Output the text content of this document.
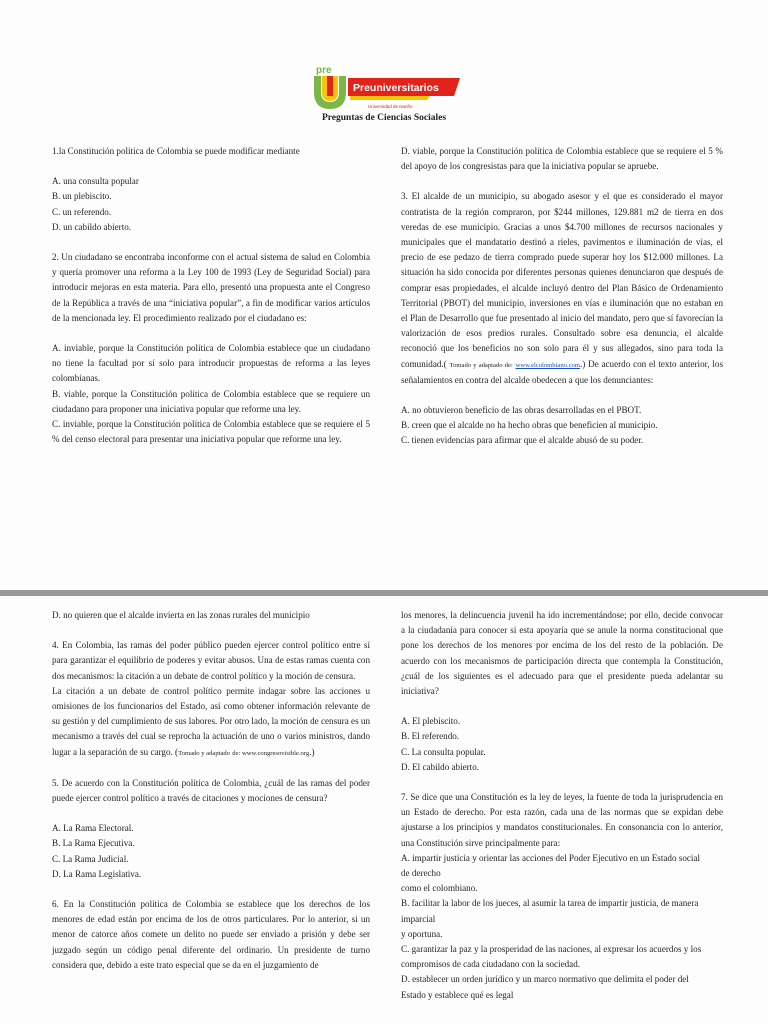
pre
Preuniversitarios
Universidad de Nariño
Preguntas de Ciencias Sociales

1.la Constitución política de Colombia se puede modificar mediante

A. una consulta popular

B. un plebiscito.

C. un referendo.

D. un cabildo abierto.

2. Un ciudadano se encontraba inconforme con el actual sistema de salud en Colombia y quería promover una reforma a la Ley 100 de 1993 (Ley de Seguridad Social) para introducir mejoras en esta materia. Para ello, presentó una propuesta ante el Congreso de la República a través de una “iniciativa popular”, a fin de modificar varios artículos de la mencionada ley. El procedimiento realizado por el ciudadano es:
A. inviable, porque la Constitución política de Colombia establece que un ciudadano no tiene la facultad por sí solo para introducir propuestas de reforma a las leyes colombianas.
B. viable, porque la Constitución política de Colombia establece que se requiere un ciudadano para proponer una iniciativa popular que reforme una ley.
C. inviable, porque la Constitución política de Colombia establece que se requiere el 5 % del censo electoral para presentar una iniciativa popular que reforme una ley.
D. viable, porque la Constitución política de Colombia establece que se requiere el 5 % del apoyo de los congresistas para que la iniciativa popular se apruebe.
3. El alcalde de un municipio, su abogado asesor y el que es considerado el mayor contratista de la región compraron, por $244 millones, 129.881 m2 de tierra en dos veredas de ese municipio. Gracias a unos $4.700 millones de recursos nacionales y municipales que el mandatario destinó a rieles, pavimentos e iluminación de vías, el precio de ese pedazo de tierra comprado puede superar hoy los $12.000 millones. La situación ha sido conocida por diferentes personas quienes denunciaron que después de comprar esas propiedades, el alcalde incluyó dentro del Plan Básico de Ordenamiento Territorial (PBOT) del municipio, inversiones en vías e iluminación que no estaban en el Plan de Desarrollo que fue presentado al inicio del mandato, pero que sí favorecían la valorización de esos predios rurales. Consultado sobre esa denuncia, el alcalde reconoció que los beneficios no son solo para él y sus allegados, sino para toda la comunidad.( Tomado y adaptado de: www.elcolombiano.com.) De acuerdo con el texto anterior, los señalamientos en contra del alcalde obedecen a que los denunciantes:

A. no obtuvieron beneficio de las obras desarrolladas en el PBOT.

B. creen que el alcalde no ha hecho obras que beneficien al municipio.

C. tienen evidencias para afirmar que el alcalde abusó de su poder.

D. no quieren que el alcalde invierta en las zonas rurales del municipio

4. En Colombia, las ramas del poder público pueden ejercer control político entre sí para garantizar el equilibrio de poderes y evitar abusos. Una de estas ramas cuenta con dos mecanismos: la citación a un debate de control político y la moción de censura.
La citación a un debate de control político permite indagar sobre las acciones u omisiones de los funcionarios del Estado, así como obtener información relevante de su gestión y del cumplimiento de sus labores. Por otro lado, la moción de censura es un mecanismo a través del cual se reprocha la actuación de uno o varios ministros, dando lugar a la separación de su cargo. (Tomado y adaptado de: www.congresovisible.org.)
5. De acuerdo con la Constitución política de Colombia, ¿cuál de las ramas del poder puede ejercer control político a través de citaciones y mociones de censura?

A. La Rama Electoral.

B. La Rama Ejecutiva.

C. La Rama Judicial.

D. La Rama Legislativa.

6. En la Constitución política de Colombia se establece que los derechos de los menores de edad están por encima de los de otros particulares. Por lo anterior, si un menor de catorce años comete un delito no puede ser enviado a prisión y debe ser juzgado según un código penal diferente del ordinario. Un presidente de turno considera que, debido a este trato especial que se da en el juzgamiento de
los menores, la delincuencia juvenil ha ido incrementándose; por ello, decide convocar a la ciudadanía para conocer si esta apoyaría que se anule la norma constitucional que pone los derechos de los menores por encima de los del resto de la población. De acuerdo con los mecanismos de participación directa que contempla la Constitución, ¿cuál de los siguientes es el adecuado para que el presidente pueda adelantar su iniciativa?

A. El plebiscito.

B. El referendo.

C. La consulta popular.

D. El cabildo abierto.

7. Se dice que una Constitución es la ley de leyes, la fuente de toda la jurisprudencia en un Estado de derecho. Por esta razón, cada una de las normas que se expidan debe ajustarse a los principios y mandatos constitucionales. En consonancia con lo anterior, una Constitución sirve principalmente para:

A. impartir justicia y orientar las acciones del Poder Ejecutivo en un Estado social

de derecho

como el colombiano.

B. facilitar la labor de los jueces, al asumir la tarea de impartir justicia, de manera

imparcial

y oportuna.

C. garantizar la paz y la prosperidad de las naciones, al expresar los acuerdos y los

compromisos de cada ciudadano con la sociedad.

D. establecer un orden jurídico y un marco normativo que delimita el poder del

Estado y establece qué es legal
